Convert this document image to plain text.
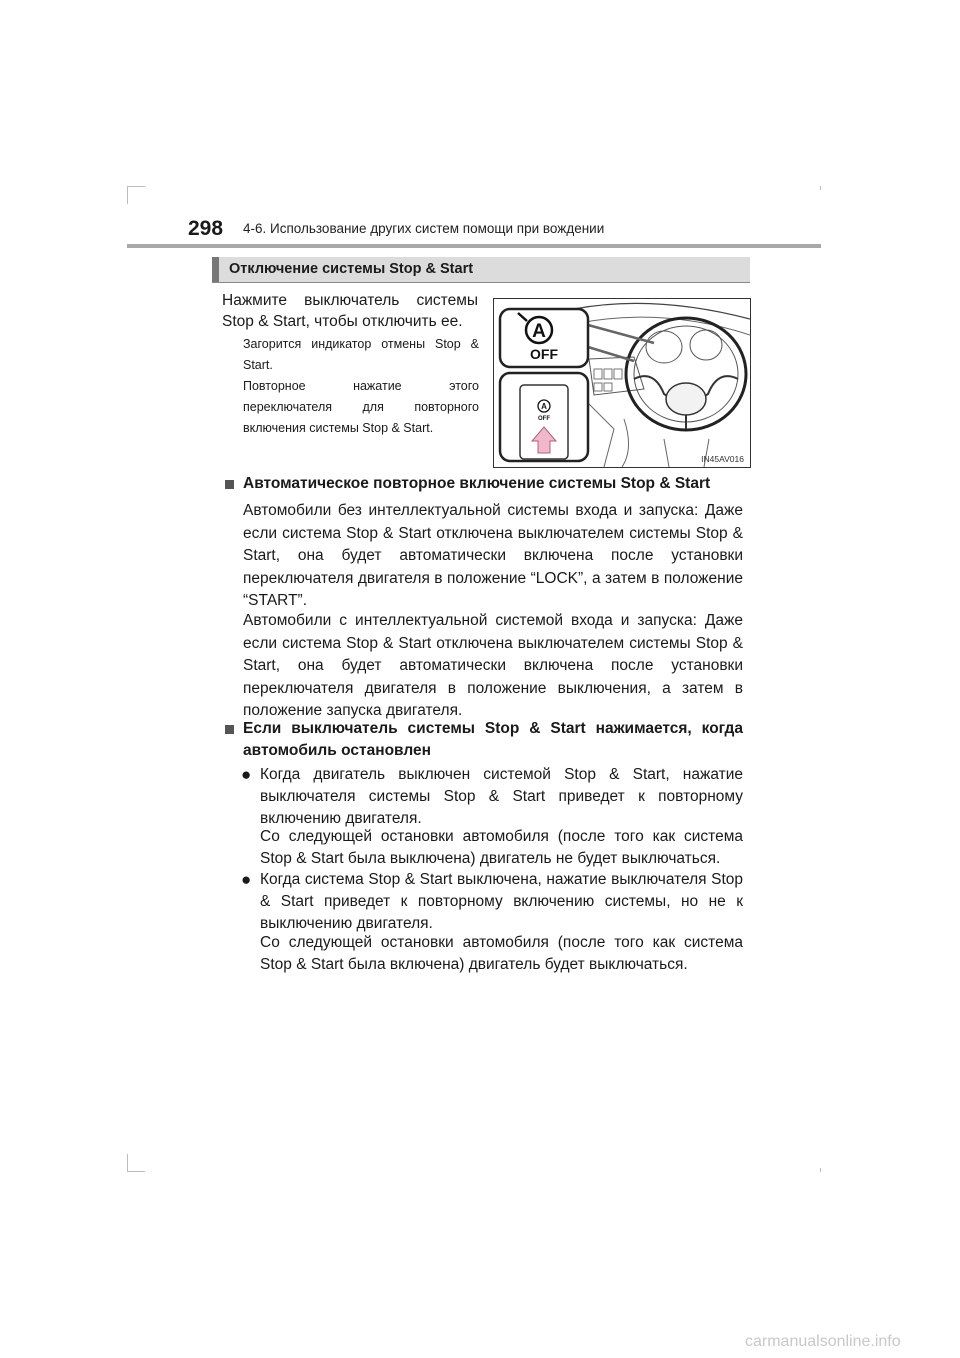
298 4-6. Использование других систем помощи при вождении
Отключение системы Stop & Start
Нажмите выключатель системы
Stop & Start, чтобы отключить ее.
Загорится индикатор отмены Stop & Start.
Повторное нажатие этого переключателя для повторного включения системы Stop & Start.
A
OFF
A
OFF
IN45AV016
Автоматическое повторное включение системы Stop & Start
Автомобили без интеллектуальной системы входа и запуска: Даже если система Stop & Start отключена выключателем системы Stop & Start, она будет автоматически включена после установки переключателя двигателя в положение “LOCK”, а затем в положение “START”.
Автомобили с интеллектуальной системой входа и запуска: Даже если система Stop & Start отключена выключателем системы Stop & Start, она будет автоматически включена после установки переключателя двигателя в положение выключения, а затем в положение запуска двигателя.
Если выключатель системы Stop & Start нажимается, когда автомобиль остановлен
● Когда двигатель выключен системой Stop & Start, нажатие выключателя системы Stop & Start приведет к повторному включению двигателя.
Со следующей остановки автомобиля (после того как система Stop & Start была выключена) двигатель не будет выключаться.
● Когда система Stop & Start выключена, нажатие выключателя Stop & Start приведет к повторному включению системы, но не к выключению двигателя.
Со следующей остановки автомобиля (после того как система Stop & Start была включена) двигатель будет выключаться.
carmanualsonline.info
